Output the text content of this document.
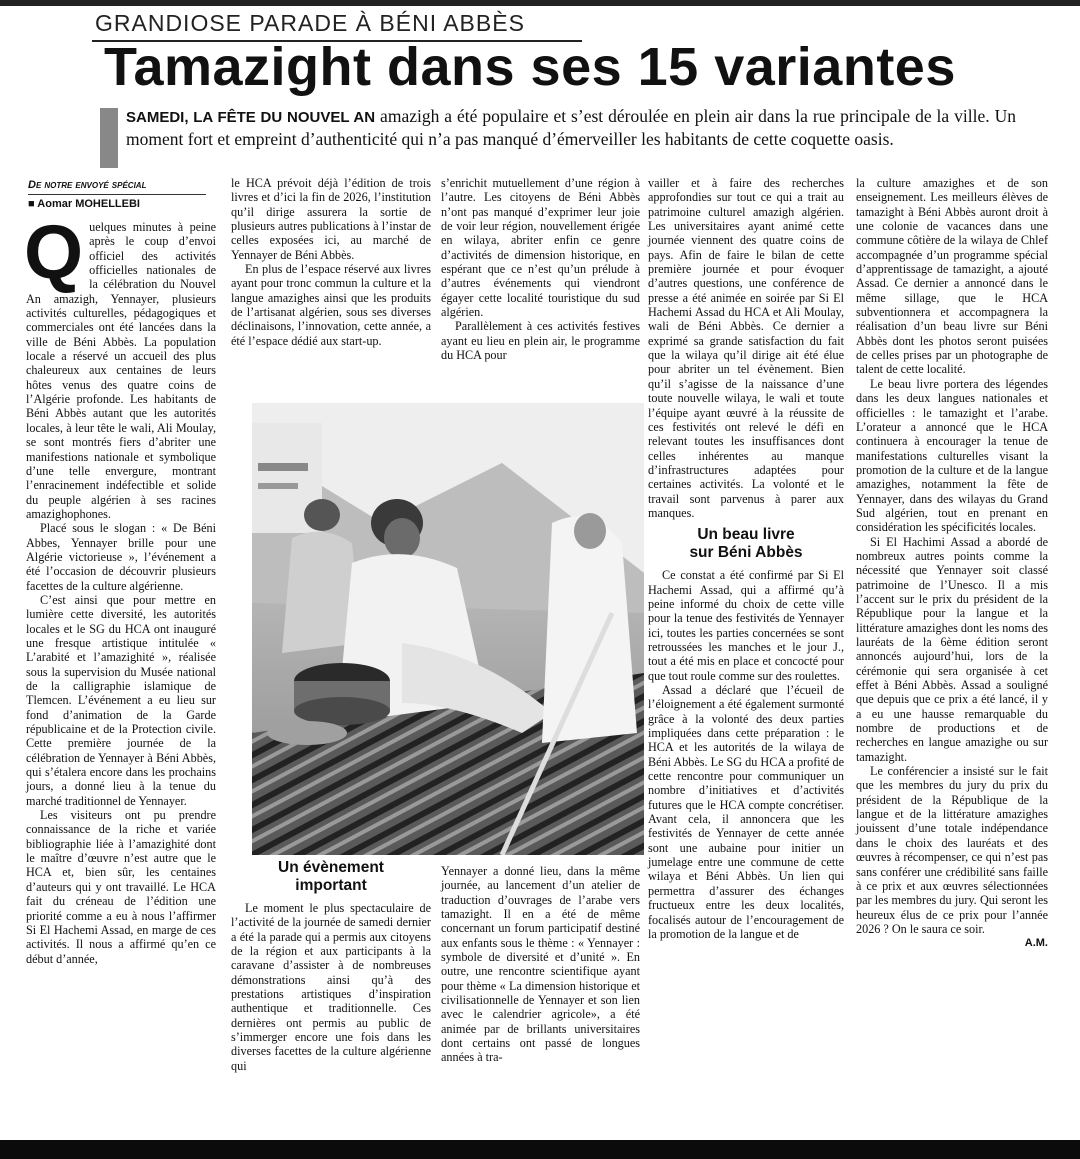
GRANDIOSE PARADE À BÉNI ABBÈS
Tamazight dans ses 15 variantes
SAMEDI, LA FÊTE DU NOUVEL AN amazigh a été populaire et s’est déroulée en plein air dans la rue principale de la ville. Un moment fort et empreint d’authenticité qui n’a pas manqué d’émerveiller les habitants de cette coquette oasis.
De notre envoyé spécial
■ Aomar MOHELLEBI

Quelques minutes à peine après le coup d’envoi officiel des activités officielles nationales de la célébration du Nouvel An amazigh, Yennayer, plusieurs activités culturelles, pédagogiques et commerciales ont été lancées dans la ville de Béni Abbès. La population locale a réservé un accueil des plus chaleureux aux centaines de leurs hôtes venus des quatre coins de l’Algérie profonde. Les habitants de Béni Abbès autant que les autorités locales, à leur tête le wali, Ali Moulay, se sont montrés fiers d’abriter une manifestions nationale et symbolique d’une telle envergure, montrant l’enracinement indéfectible et solide du peuple algérien à ses racines amazighophones.

Placé sous le slogan : « De Béni Abbes, Yennayer brille pour une Algérie victorieuse », l’événement a été l’occasion de découvrir plusieurs facettes de la culture algérienne.

C’est ainsi que pour mettre en lumière cette diversité, les autorités locales et le SG du HCA ont inauguré une fresque artistique intitulée « L’arabité et l’amazighité », réalisée sous la supervision du Musée national de la calligraphie islamique de Tlemcen. L’événement a eu lieu sur fond d’animation de la Garde républicaine et de la Protection civile. Cette première journée de la célébration de Yennayer à Béni Abbès, qui s’étalera encore dans les prochains jours, a donné lieu à la tenue du marché traditionnel de Yennayer.

Les visiteurs ont pu prendre connaissance de la riche et variée bibliographie liée à l’amazighité dont le maître d’œuvre n’est autre que le HCA et, bien sûr, les centaines d’auteurs qui y ont travaillé. Le HCA fait du créneau de l’édition une priorité comme a eu à nous l’affirmer Si El Hachemi Assad, en marge de ces activités. Il nous a affirmé qu’en ce début d’année,

le HCA prévoit déjà l’édition de trois livres et d’ici la fin de 2026, l’institution qu’il dirige assurera la sortie de plusieurs autres publications à l’instar de celles exposées ici, au marché de Yennayer de Béni Abbès.

En plus de l’espace réservé aux livres ayant pour tronc commun la culture et la langue amazighes ainsi que les produits de l’artisanat algérien, sous ses diverses déclinaisons, l’innovation, cette année, a été l’espace dédié aux start-up.

s’enrichit mutuellement d’une région à l’autre. Les citoyens de Béni Abbès n’ont pas manqué d’exprimer leur joie de voir leur région, nouvellement érigée en wilaya, abriter enfin ce genre d’activités de dimension historique, en espérant que ce n’est qu’un prélude à d’autres événements qui viendront égayer cette localité touristique du sud algérien.

Parallèlement à ces activités festives ayant eu lieu en plein air, le programme du HCA pour

Un évènement
important

Le moment le plus spectaculaire de l’activité de la journée de samedi dernier a été la parade qui a permis aux citoyens de la région et aux participants à la caravane d’assister à de nombreuses démonstrations ainsi qu’à des prestations artistiques d’inspiration authentique et traditionnelle. Ces dernières ont permis au public de s’immerger encore une fois dans les diverses facettes de la culture algérienne qui

Yennayer a donné lieu, dans la même journée, au lancement d’un atelier de traduction d’ouvrages de l’arabe vers tamazight. Il en a été de même concernant un forum participatif destiné aux enfants sous le thème : « Yennayer : symbole de diversité et d’unité ». En outre, une rencontre scientifique ayant pour thème « La dimension historique et civilisationnelle de Yennayer et son lien avec le calendrier agricole», a été animée par de brillants universitaires dont certains ont passé de longues années à tra-

vailler et à faire des recherches approfondies sur tout ce qui a trait au patrimoine culturel amazigh algérien. Les universitaires ayant animé cette journée viennent des quatre coins de pays. Afin de faire le bilan de cette première journée et pour évoquer d’autres questions, une conférence de presse a été animée en soirée par Si El Hachemi Assad du HCA et Ali Moulay, wali de Béni Abbès. Ce dernier a exprimé sa grande satisfaction du fait que la wilaya qu’il dirige ait été élue pour abriter un tel évènement. Bien qu’il s’agisse de la naissance d’une toute nouvelle wilaya, le wali et toute l’équipe ayant œuvré à la réussite de ces festivités ont relevé le défi en relevant toutes les insuffisances dont celles inhérentes au manque d’infrastructures adaptées pour certaines activités. La volonté et le travail sont parvenus à parer aux manques.

Un beau livre
sur Béni Abbès

Ce constat a été confirmé par Si El Hachemi Assad, qui a affirmé qu’à peine informé du choix de cette ville pour la tenue des festivités de Yennayer ici, toutes les parties concernées se sont retroussées les manches et le jour J., tout a été mis en place et concocté pour que tout roule comme sur des roulettes.

Assad a déclaré que l’écueil de l’éloignement a été également surmonté grâce à la volonté des deux parties impliquées dans cette préparation : le HCA et les autorités de la wilaya de Béni Abbès. Le SG du HCA a profité de cette rencontre pour communiquer un nombre d’initiatives et d’activités futures que le HCA compte concrétiser. Avant cela, il annoncera que les festivités de Yennayer de cette année sont une aubaine pour initier un jumelage entre une commune de cette wilaya et Béni Abbès. Un lien qui permettra d’assurer des échanges fructueux entre les deux localités, focalisés autour de l’encouragement de la promotion de la langue et de

la culture amazighes et de son enseignement. Les meilleurs élèves de tamazight à Béni Abbès auront droit à une colonie de vacances dans une commune côtière de la wilaya de Chlef accompagnée d’un programme spécial d’apprentissage de tamazight, a ajouté Assad. Ce dernier a annoncé dans le même sillage, que le HCA subventionnera et accompagnera la réalisation d’un beau livre sur Béni Abbès dont les photos seront puisées de celles prises par un photographe de talent de cette localité.

Le beau livre portera des légendes dans les deux langues nationales et officielles : le tamazight et l’arabe. L’orateur a annoncé que le HCA continuera à encourager la tenue de manifestations culturelles visant la promotion de la culture et de la langue amazighes, notamment la fête de Yennayer, dans des wilayas du Grand Sud algérien, tout en prenant en considération les spécificités locales.

Si El Hachimi Assad a abordé de nombreux autres points comme la nécessité que Yennayer soit classé patrimoine de l’Unesco. Il a mis l’accent sur le prix du président de la République pour la langue et la littérature amazighes dont les noms des lauréats de la 6ème édition seront annoncés aujourd’hui, lors de la cérémonie qui sera organisée à cet effet à Béni Abbès. Assad a souligné que depuis que ce prix a été lancé, il y a eu une hausse remarquable du nombre de productions et de recherches en langue amazighe ou sur tamazight.

Le conférencier a insisté sur le fait que les membres du jury du prix du président de la République de la langue et de la littérature amazighes jouissent d’une totale indépendance dans le choix des lauréats et des œuvres à récompenser, ce qui n’est pas sans conférer une crédibilité sans faille à ce prix et aux œuvres sélectionnées par les membres du jury. Qui seront les heureux élus de ce prix pour l’année 2026 ? On le saura ce soir.

A.M.
